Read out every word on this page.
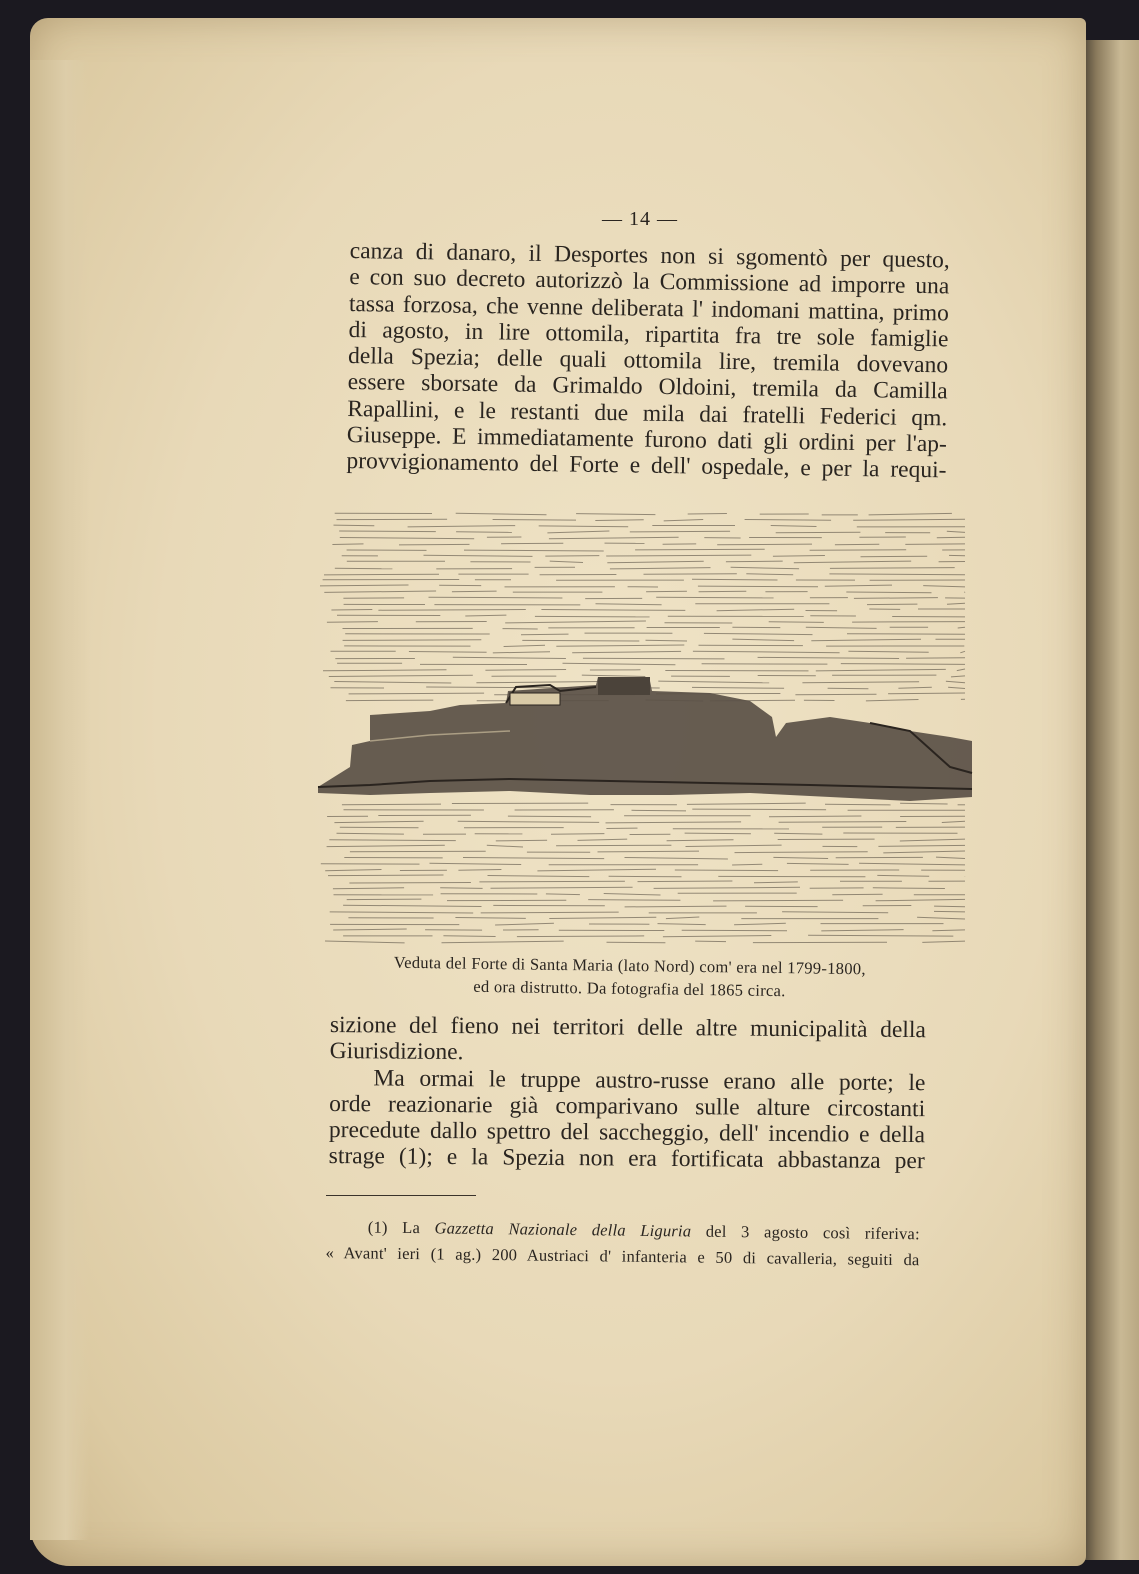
— 14 —

canza di danaro, il Desportes non si sgomentò per questo,
e con suo decreto autorizzò la Commissione ad imporre una
tassa forzosa, che venne deliberata l' indomani mattina, primo
di agosto, in lire ottomila, ripartita fra tre sole famiglie
della Spezia; delle quali ottomila lire, tremila dovevano
essere sborsate da Grimaldo Oldoini, tremila da Camilla
Rapallini, e le restanti due mila dai fratelli Federici qm.
Giuseppe. E immediatamente furono dati gli ordini per l'ap-
provvigionamento del Forte e dell' ospedale, e per la requi-

Veduta del Forte di Santa Maria (lato Nord) com' era nel 1799-1800,
ed ora distrutto. Da fotografia del 1865 circa.

sizione del fieno nei territori delle altre municipalità della
Giurisdizione.
Ma ormai le truppe austro-russe erano alle porte; le
orde reazionarie già comparivano sulle alture circostanti
precedute dallo spettro del saccheggio, dell' incendio e della
strage (1); e la Spezia non era fortificata abbastanza per

(1) La Gazzetta Nazionale della Liguria del 3 agosto così riferiva:
« Avant' ieri (1 ag.) 200 Austriaci d' infanteria e 50 di cavalleria, seguiti da
